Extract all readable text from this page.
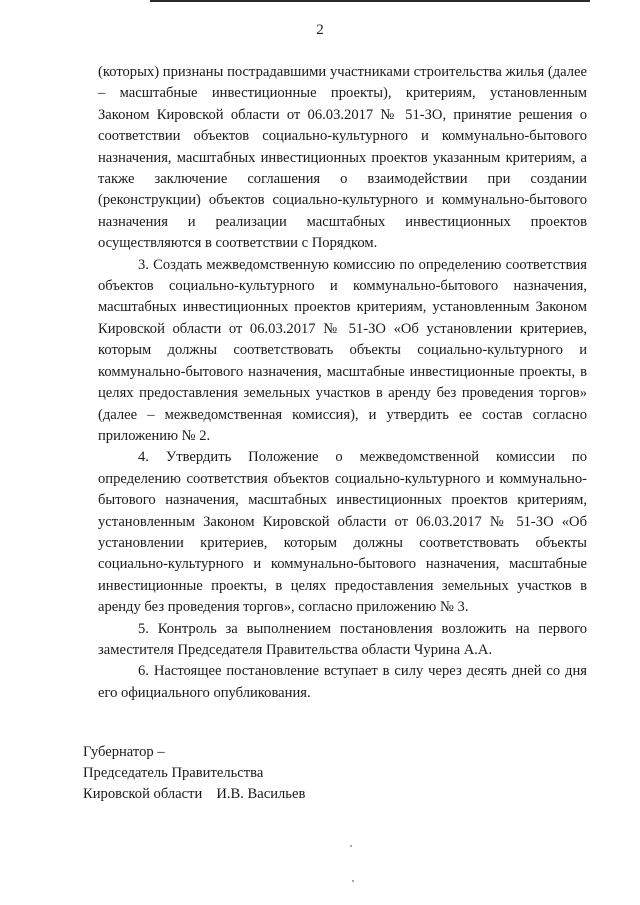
2

(которых) признаны пострадавшими участниками строительства жилья (далее – масштабные инвестиционные проекты), критериям, установленным Законом Кировской области от 06.03.2017 № 51-ЗО, принятие решения о соответствии объектов социально-культурного и коммунально-бытового назначения, масштабных инвестиционных проектов указанным критериям, а также заключение соглашения о взаимодействии при создании (реконструкции) объектов социально-культурного и коммунально-бытового назначения и реализации масштабных инвестиционных проектов осуществляются в соответствии с Порядком.

3. Создать межведомственную комиссию по определению соответствия объектов социально-культурного и коммунально-бытового назначения, масштабных инвестиционных проектов критериям, установленным Законом Кировской области от 06.03.2017 № 51-ЗО «Об установлении критериев, которым должны соответствовать объекты социально-культурного и коммунально-бытового назначения, масштабные инвестиционные проекты, в целях предоставления земельных участков в аренду без проведения торгов» (далее – межведомственная комиссия), и утвердить ее состав согласно приложению № 2.

4. Утвердить Положение о межведомственной комиссии по определению соответствия объектов социально-культурного и коммунально-бытового назначения, масштабных инвестиционных проектов критериям, установленным Законом Кировской области от 06.03.2017 № 51-ЗО «Об установлении критериев, которым должны соответствовать объекты социально-культурного и коммунально-бытового назначения, масштабные инвестиционные проекты, в целях предоставления земельных участков в аренду без проведения торгов», согласно приложению № 3.

5. Контроль за выполнением постановления возложить на первого заместителя Председателя Правительства области Чурина А.А.

6. Настоящее постановление вступает в силу через десять дней со дня его официального опубликования.

Губернатор –
Председатель Правительства
Кировской области И.В. Васильев
